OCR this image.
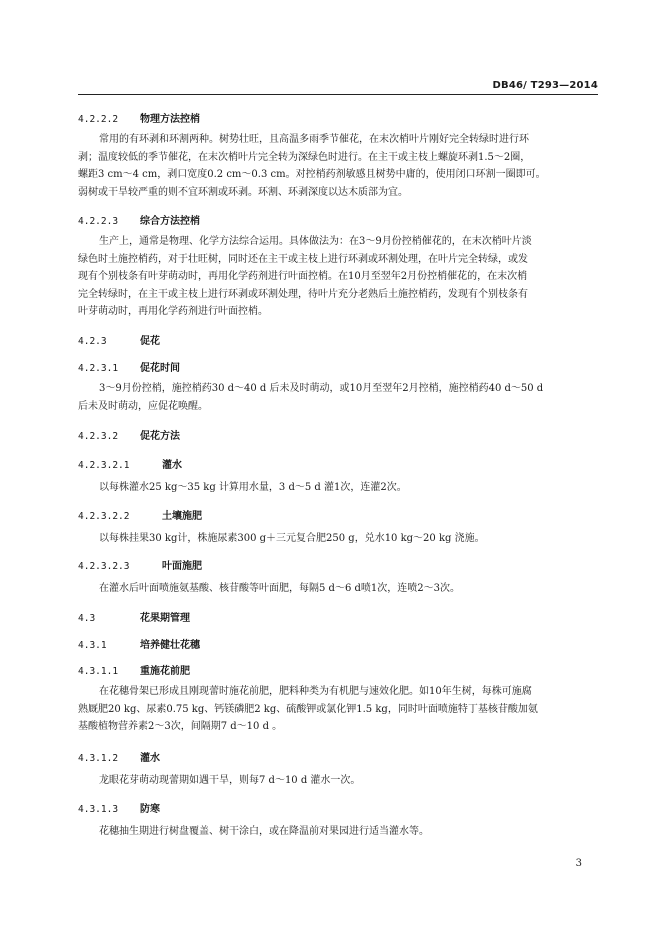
DB46/ T293—2014
4.2.2.2 物理方法控梢
常用的有环剥和环割两种。树势壮旺，且高温多雨季节催花，在末次梢叶片刚好完全转绿时进行环
剥；温度较低的季节催花，在末次梢叶片完全转为深绿色时进行。在主干或主枝上螺旋环剥1.5～2圈，
螺距3 cm～4 cm，剥口宽度0.2 cm～0.3 cm。对控梢药剂敏感且树势中庸的，使用闭口环割一圈即可。
弱树或干旱较严重的则不宜环割或环剥。环割、环剥深度以达木质部为宜。
4.2.2.3 综合方法控梢
生产上，通常是物理、化学方法综合运用。具体做法为：在3～9月份控梢催花的，在末次梢叶片淡
绿色时土施控梢药，对于壮旺树，同时还在主干或主枝上进行环剥或环割处理，在叶片完全转绿，或发
现有个别枝条有叶芽萌动时，再用化学药剂进行叶面控梢。在10月至翌年2月份控梢催花的，在末次梢
完全转绿时，在主干或主枝上进行环剥或环割处理，待叶片充分老熟后土施控梢药，发现有个别枝条有
叶芽萌动时，再用化学药剂进行叶面控梢。
4.2.3	促花
4.2.3.1 促花时间
3～9月份控梢，施控梢药30 d～40 d 后未及时萌动，或10月至翌年2月控梢，施控梢药40 d～50 d
后未及时萌动，应促花唤醒。
4.2.3.2 促花方法
4.2.3.2.1	灌水
以每株灌水25 kg～35 kg 计算用水量，3 d～5 d 灌1次，连灌2次。
4.2.3.2.2	土壤施肥
以每株挂果30 kg计，株施尿素300 g＋三元复合肥250 g，兑水10 kg～20 kg 浇施。
4.2.3.2.3	叶面施肥
在灌水后叶面喷施氨基酸、核苷酸等叶面肥，每隔5 d～6 d喷1次，连喷2～3次。
4.3	花果期管理
4.3.1	培养健壮花穗
4.3.1.1 重施花前肥
在花穗骨架已形成且刚现蕾时施花前肥，肥料种类为有机肥与速效化肥。如10年生树，每株可施腐
熟厩肥20 kg、尿素0.75 kg、钙镁磷肥2 kg、硫酸钾或氯化钾1.5 kg，同时叶面喷施特丁基核苷酸加氨
基酸植物营养素2～3次，间隔期7 d～10 d 。
4.3.1.2 灌水
龙眼花芽萌动现蕾期如遇干旱，则每7 d～10 d 灌水一次。
4.3.1.3 防寒
花穗抽生期进行树盘覆盖、树干涂白，或在降温前对果园进行适当灌水等。
3
